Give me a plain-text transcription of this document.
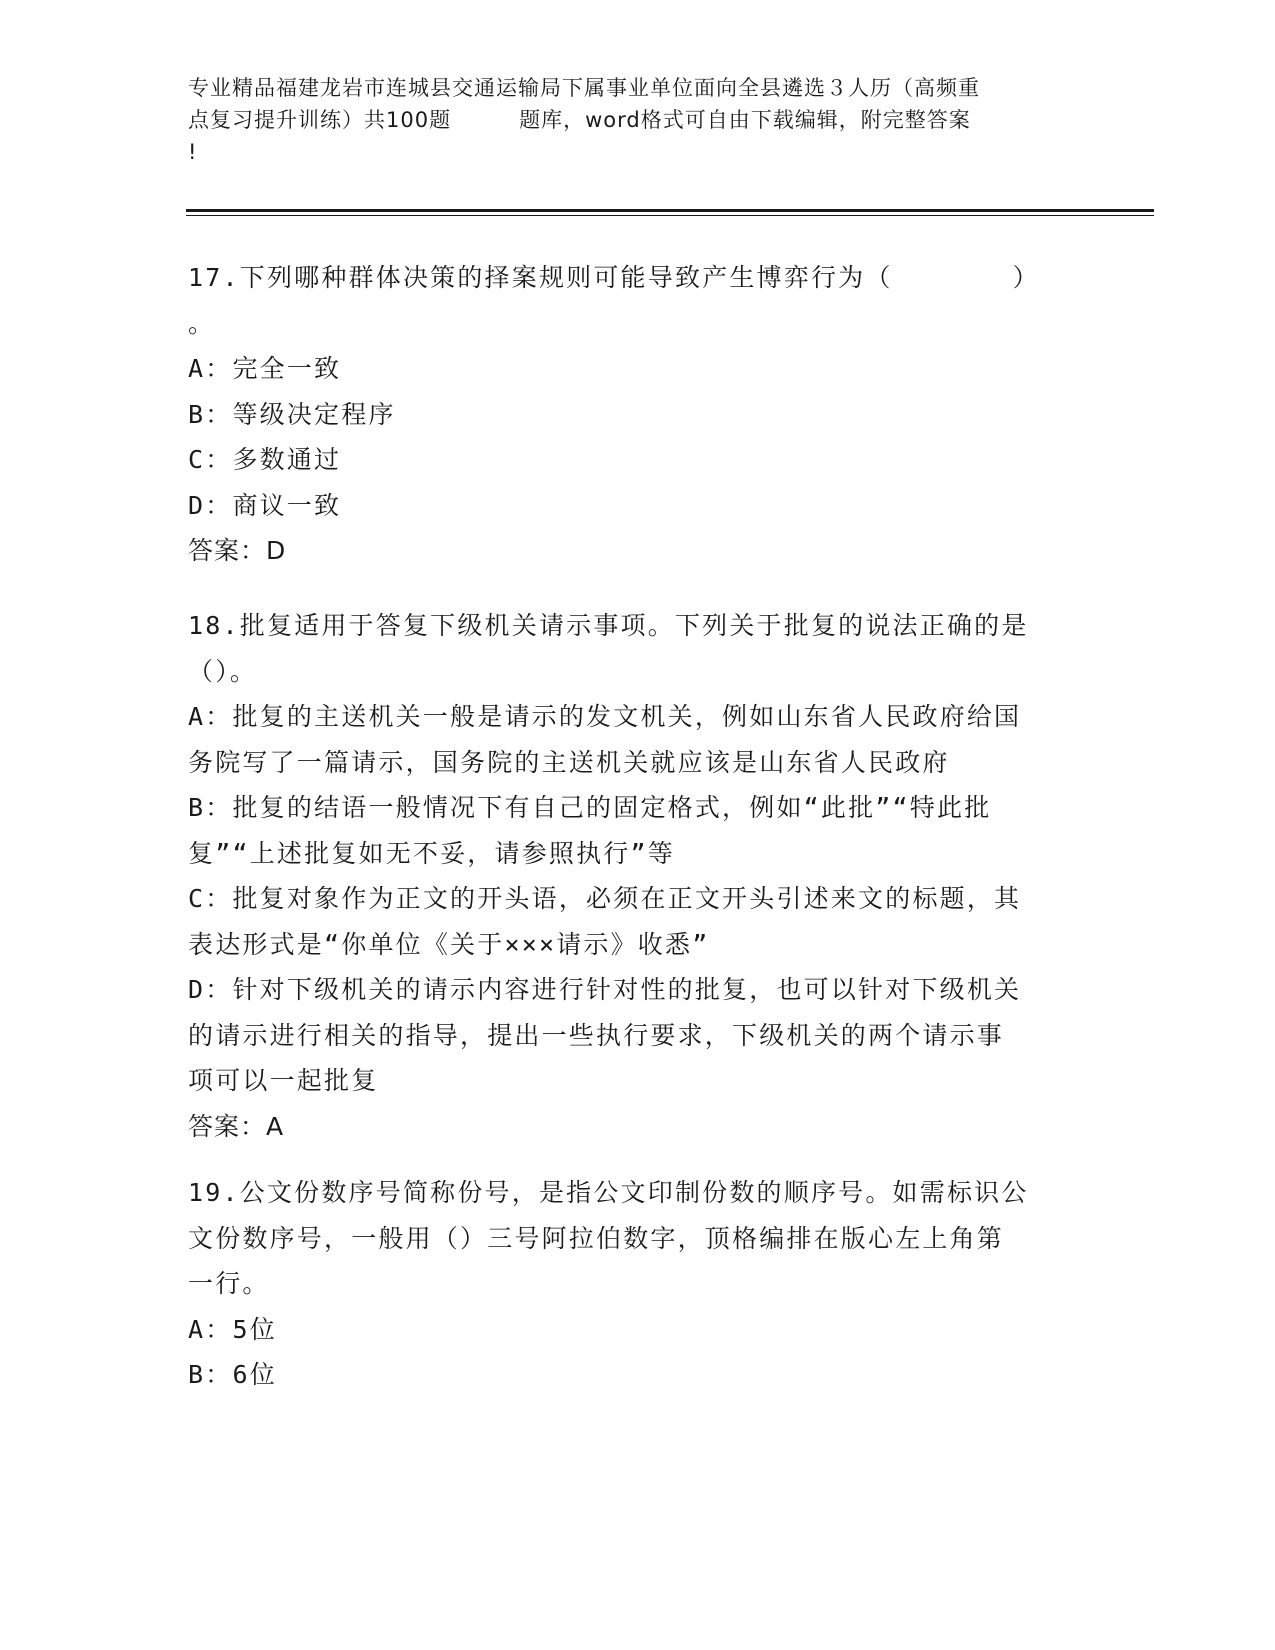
专业精品福建龙岩市连城县交通运输局下属事业单位面向全县遴选３人历（高频重
点复习提升训练）共100题	题库，word格式可自由下载编辑，附完整答案
!
17.下列哪种群体决策的择案规则可能导致产生博弈行为（	）
。
A：完全一致
B：等级决定程序
C：多数通过
D：商议一致
答案：D
18.批复适用于答复下级机关请示事项。下列关于批复的说法正确的是
（）。
A：批复的主送机关一般是请示的发文机关，例如山东省人民政府给国
务院写了一篇请示，国务院的主送机关就应该是山东省人民政府
B：批复的结语一般情况下有自己的固定格式，例如“此批”“特此批
复”“上述批复如无不妥，请参照执行”等
C：批复对象作为正文的开头语，必须在正文开头引述来文的标题，其
表达形式是“你单位《关于×××请示》收悉”
D：针对下级机关的请示内容进行针对性的批复，也可以针对下级机关
的请示进行相关的指导，提出一些执行要求，下级机关的两个请示事
项可以一起批复
答案：A
19.公文份数序号简称份号，是指公文印制份数的顺序号。如需标识公
文份数序号，一般用（）三号阿拉伯数字，顶格编排在版心左上角第
一行。
A：5位
B：6位
